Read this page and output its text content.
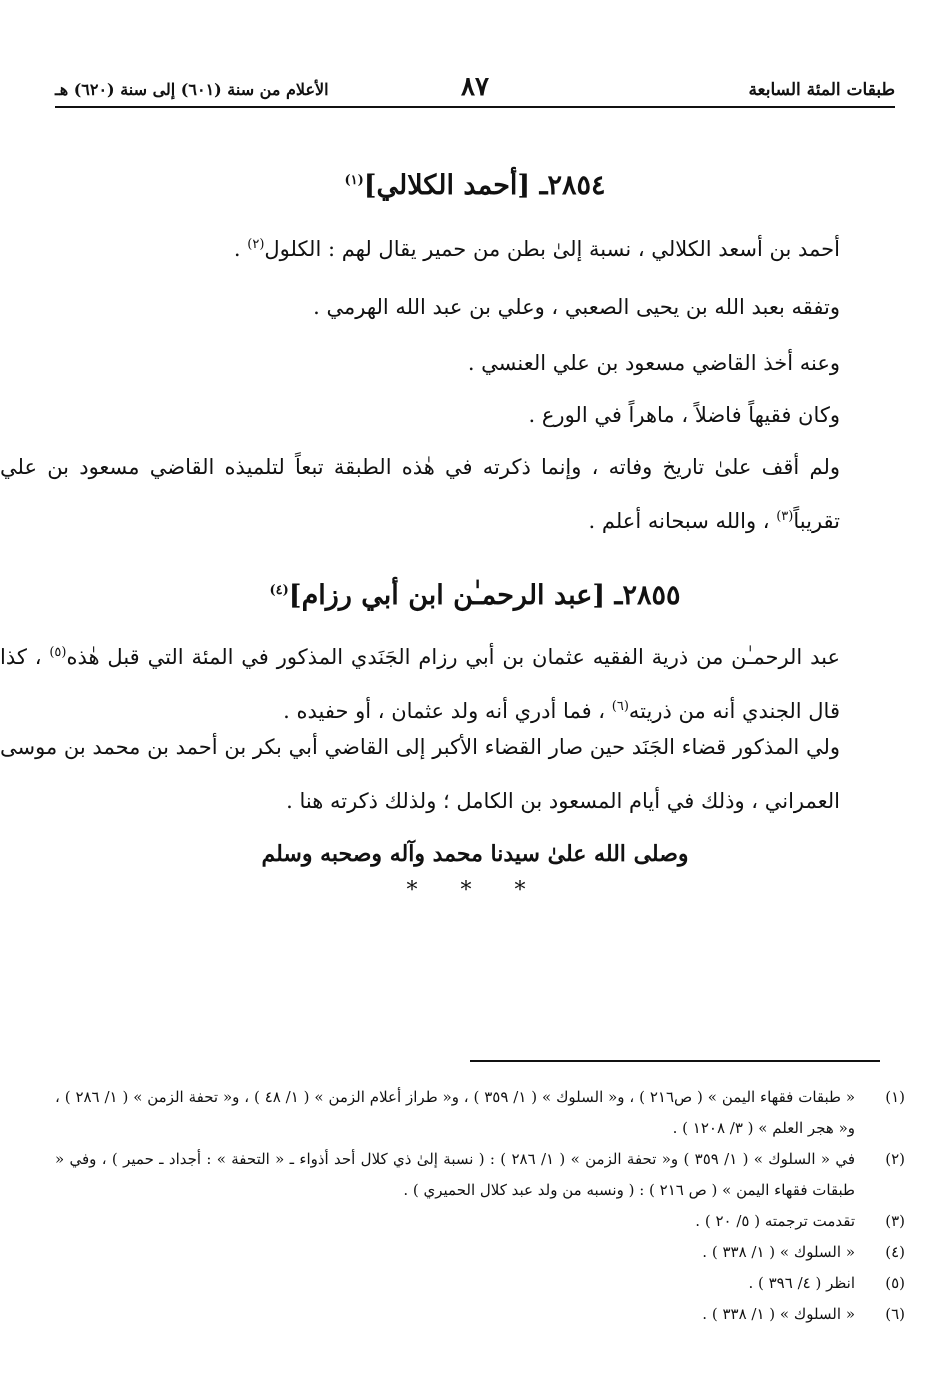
طبقات المئة السابعة
٨٧
الأعلام من سنة (٦٠١) إلى سنة (٦٢٠) هـ
٢٨٥٤ـ [أحمد الكلالي]$^{(١)}$

أحمد بن أسعد الكلالي ، نسبة إلىٰ بطن من حمير يقال لهم : الكلول$^{(٢)}$ .

وتفقه بعبد الله بن يحيى الصعبي ، وعلي بن عبد الله الهرمي .

وعنه أخذ القاضي مسعود بن علي العنسي .

وكان فقيهاً فاضلاً ، ماهراً في الورع .

ولم أقف علىٰ تاريخ وفاته ، وإنما ذكرته في هٰذه الطبقة تبعاً لتلميذه القاضي مسعود بن علي تقريباً$^{(٣)}$ ، والله سبحانه أعلم .

٢٨٥٥ـ [عبد الرحمـٰن ابن أبي رزام]$^{(٤)}$

عبد الرحمـٰن من ذرية الفقيه عثمان بن أبي رزام الجَنَدي المذكور في المئة التي قبل هٰذه$^{(٥)}$ ، كذا قال الجندي أنه من ذريته$^{(٦)}$ ، فما أدري أنه ولد عثمان ، أو حفيده .

ولي المذكور قضاء الجَنَد حين صار القضاء الأكبر إلى القاضي أبي بكر بن أحمد بن محمد بن موسى العمراني ، وذلك في أيام المسعود بن الكامل ؛ ولذلك ذكرته هنا .

وصلى الله علىٰ سيدنا محمد وآله وصحبه وسلم
* * *
(١)
« طبقات فقهاء اليمن » ( ص٢١٦ ) ، و« السلوك » ( ١/ ٣٥٩ ) ، و« طراز أعلام الزمن » ( ١/ ٤٨ ) ، و« تحفة الزمن » ( ١/ ٢٨٦ ) ، و« هجر العلم » ( ٣/ ١٢٠٨ ) .
(٢)
في « السلوك » ( ١/ ٣٥٩ ) و« تحفة الزمن » ( ١/ ٢٨٦ ) : ( نسبة إلىٰ ذي كلال أحد أذواء ـ « التحفة » : أجداد ـ حمير ) ، وفي « طبقات فقهاء اليمن » ( ص ٢١٦ ) : ( ونسبه من ولد عبد كلال الحميري ) .
(٣)
تقدمت ترجمته ( ٥/ ٢٠ ) .
(٤)
« السلوك » ( ١/ ٣٣٨ ) .
(٥)
انظر ( ٤/ ٣٩٦ ) .
(٦)
« السلوك » ( ١/ ٣٣٨ ) .
